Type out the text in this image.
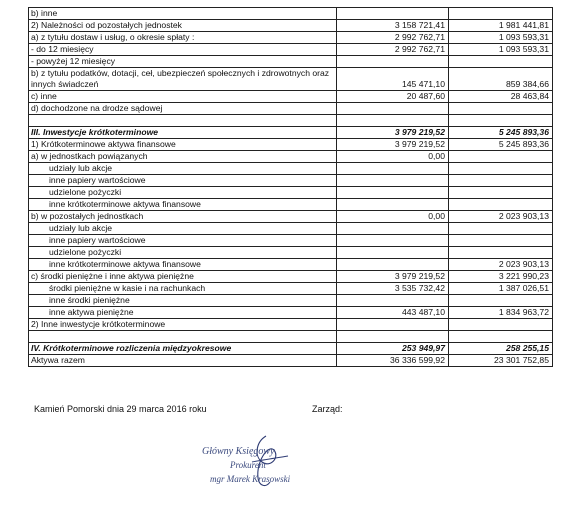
b) inne		
2) Należności od pozostałych jednostek	3 158 721,41	1 981 441,81
a) z tytułu dostaw i usług, o okresie spłaty :	2 992 762,71	1 093 593,31
- do 12 miesięcy	2 992 762,71	1 093 593,31
- powyżej 12 miesięcy		
b) z tytułu podatków, dotacji, ceł, ubezpieczeń społecznych i zdrowotnych oraz innych świadczeń	145 471,10	859 384,66
c) inne	20 487,60	28 463,84
d) dochodzone na drodze sądowej		

III. Inwestycje krótkoterminowe	3 979 219,52	5 245 893,36
1) Krótkoterminowe aktywa finansowe	3 979 219,52	5 245 893,36
a) w jednostkach powiązanych	0,00	
udziały lub akcje		
inne papiery wartościowe		
udzielone pożyczki		
inne krótkoterminowe aktywa finansowe		
b) w pozostałych jednostkach	0,00	2 023 903,13
udziały lub akcje		
inne papiery wartościowe		
udzielone pożyczki		
inne krótkoterminowe aktywa finansowe		2 023 903,13
c) środki pieniężne i inne aktywa pieniężne	3 979 219,52	3 221 990,23
środki pieniężne w kasie i na rachunkach	3 535 732,42	1 387 026,51
inne środki pieniężne		
inne aktywa pieniężne	443 487,10	1 834 963,72
2) Inne inwestycje krótkoterminowe		

IV. Krótkoterminowe rozliczenia międzyokresowe	253 949,97	258 255,15
Aktywa razem	36 336 599,92	23 301 752,85
Kamień Pomorski dnia 29 marca 2016 roku	Zarząd:
Główny Księgowy
Prokurent
mgr Marek Krasowski
